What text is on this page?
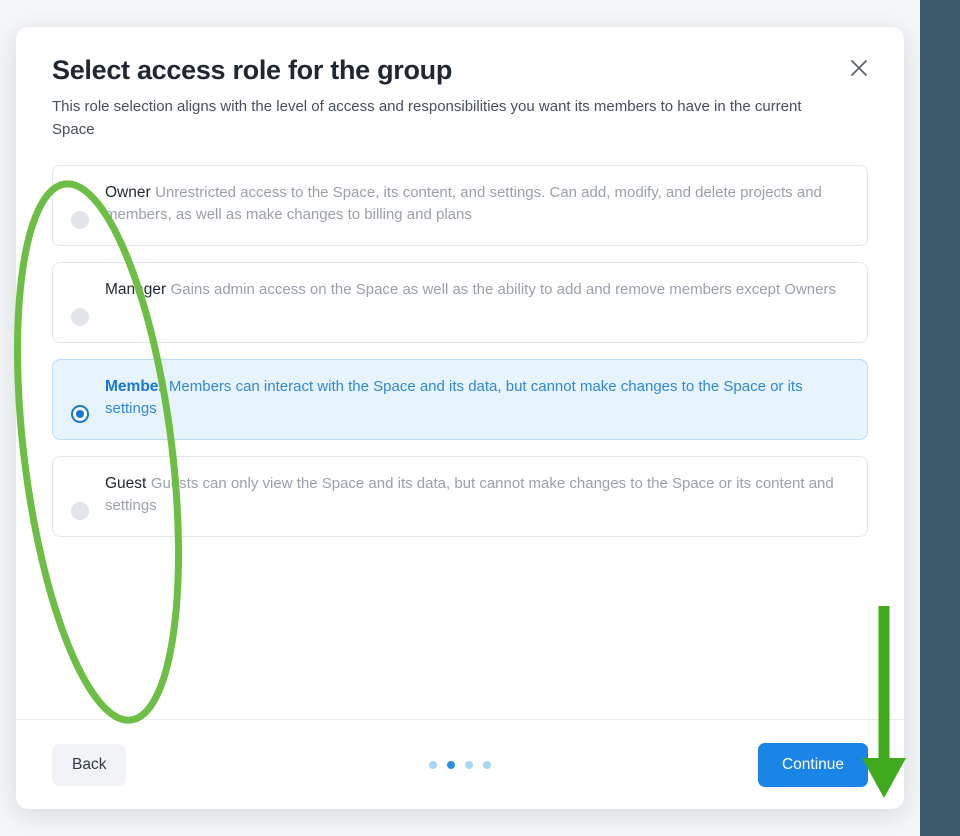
Select access role for the group

This role selection aligns with the level of access and responsibilities you want its members to have in the current Space

Owner Unrestricted access to the Space, its content, and settings. Can add, modify, and delete projects and members, as well as make changes to billing and plans
Manager Gains admin access on the Space as well as the ability to add and remove members except Owners
Member Members can interact with the Space and its data, but cannot make changes to the Space or its settings
Guest Guests can only view the Space and its data, but cannot make changes to the Space or its content and settings
Back	Continue
